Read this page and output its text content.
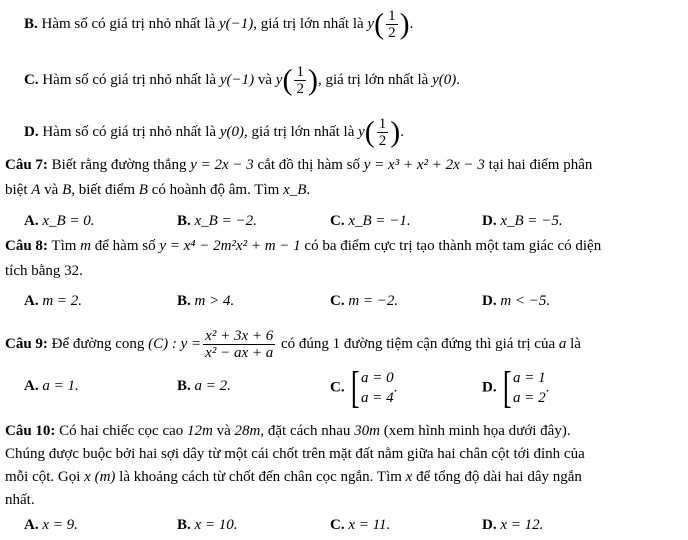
B. Hàm số có giá trị nhỏ nhất là y(−1), giá trị lớn nhất là $y( \frac{1}{2}$ ).
C. Hàm số có giá trị nhỏ nhất là y(−1) và $y( \frac{1}{2}$ ), giá trị lớn nhất là y(0).
D. Hàm số có giá trị nhỏ nhất là y(0), giá trị lớn nhất là $y( \frac{1}{2}$ ).
Câu 7: Biết rằng đường thẳng y = 2x − 3 cắt đồ thị hàm số y = x³ + x² + 2x − 3 tại hai điểm phân
biệt A và B, biết điểm B có hoành độ âm. Tìm x_B.
A. x_B = 0.	B. x_B = −2.	C. x_B = −1.	D. x_B = −5.
Câu 8: Tìm m để hàm số y = x⁴ − 2m²x² + m − 1 có ba điểm cực trị tạo thành một tam giác có diện
tích bằng 32.
A. m = 2.	B. m > 4.	C. m = −2.	D. m < −5.
Câu 9: Để đường cong (C) : $y = \frac{\text{x² + 3x + 6}}{\text{x² − ax + a}}$ có đúng 1 đường tiệm cận đứng thì giá trị của a là
A. a = 1.	B. a = 2.	C. [ a = 0
a = 4
.	D. [ a = 1
a = 2
.
Câu 10: Có hai chiếc cọc cao 12m và 28m, đặt cách nhau 30m (xem hình minh họa dưới đây).
Chúng được buộc bởi hai sợi dây từ một cái chốt trên mặt đất nằm giữa hai chân cột tới đỉnh của
mỗi cột. Gọi x (m) là khoảng cách từ chốt đến chân cọc ngắn. Tìm x để tổng độ dài hai dây ngắn
nhất.
A. x = 9.	B. x = 10.	C. x = 11.	D. x = 12.
